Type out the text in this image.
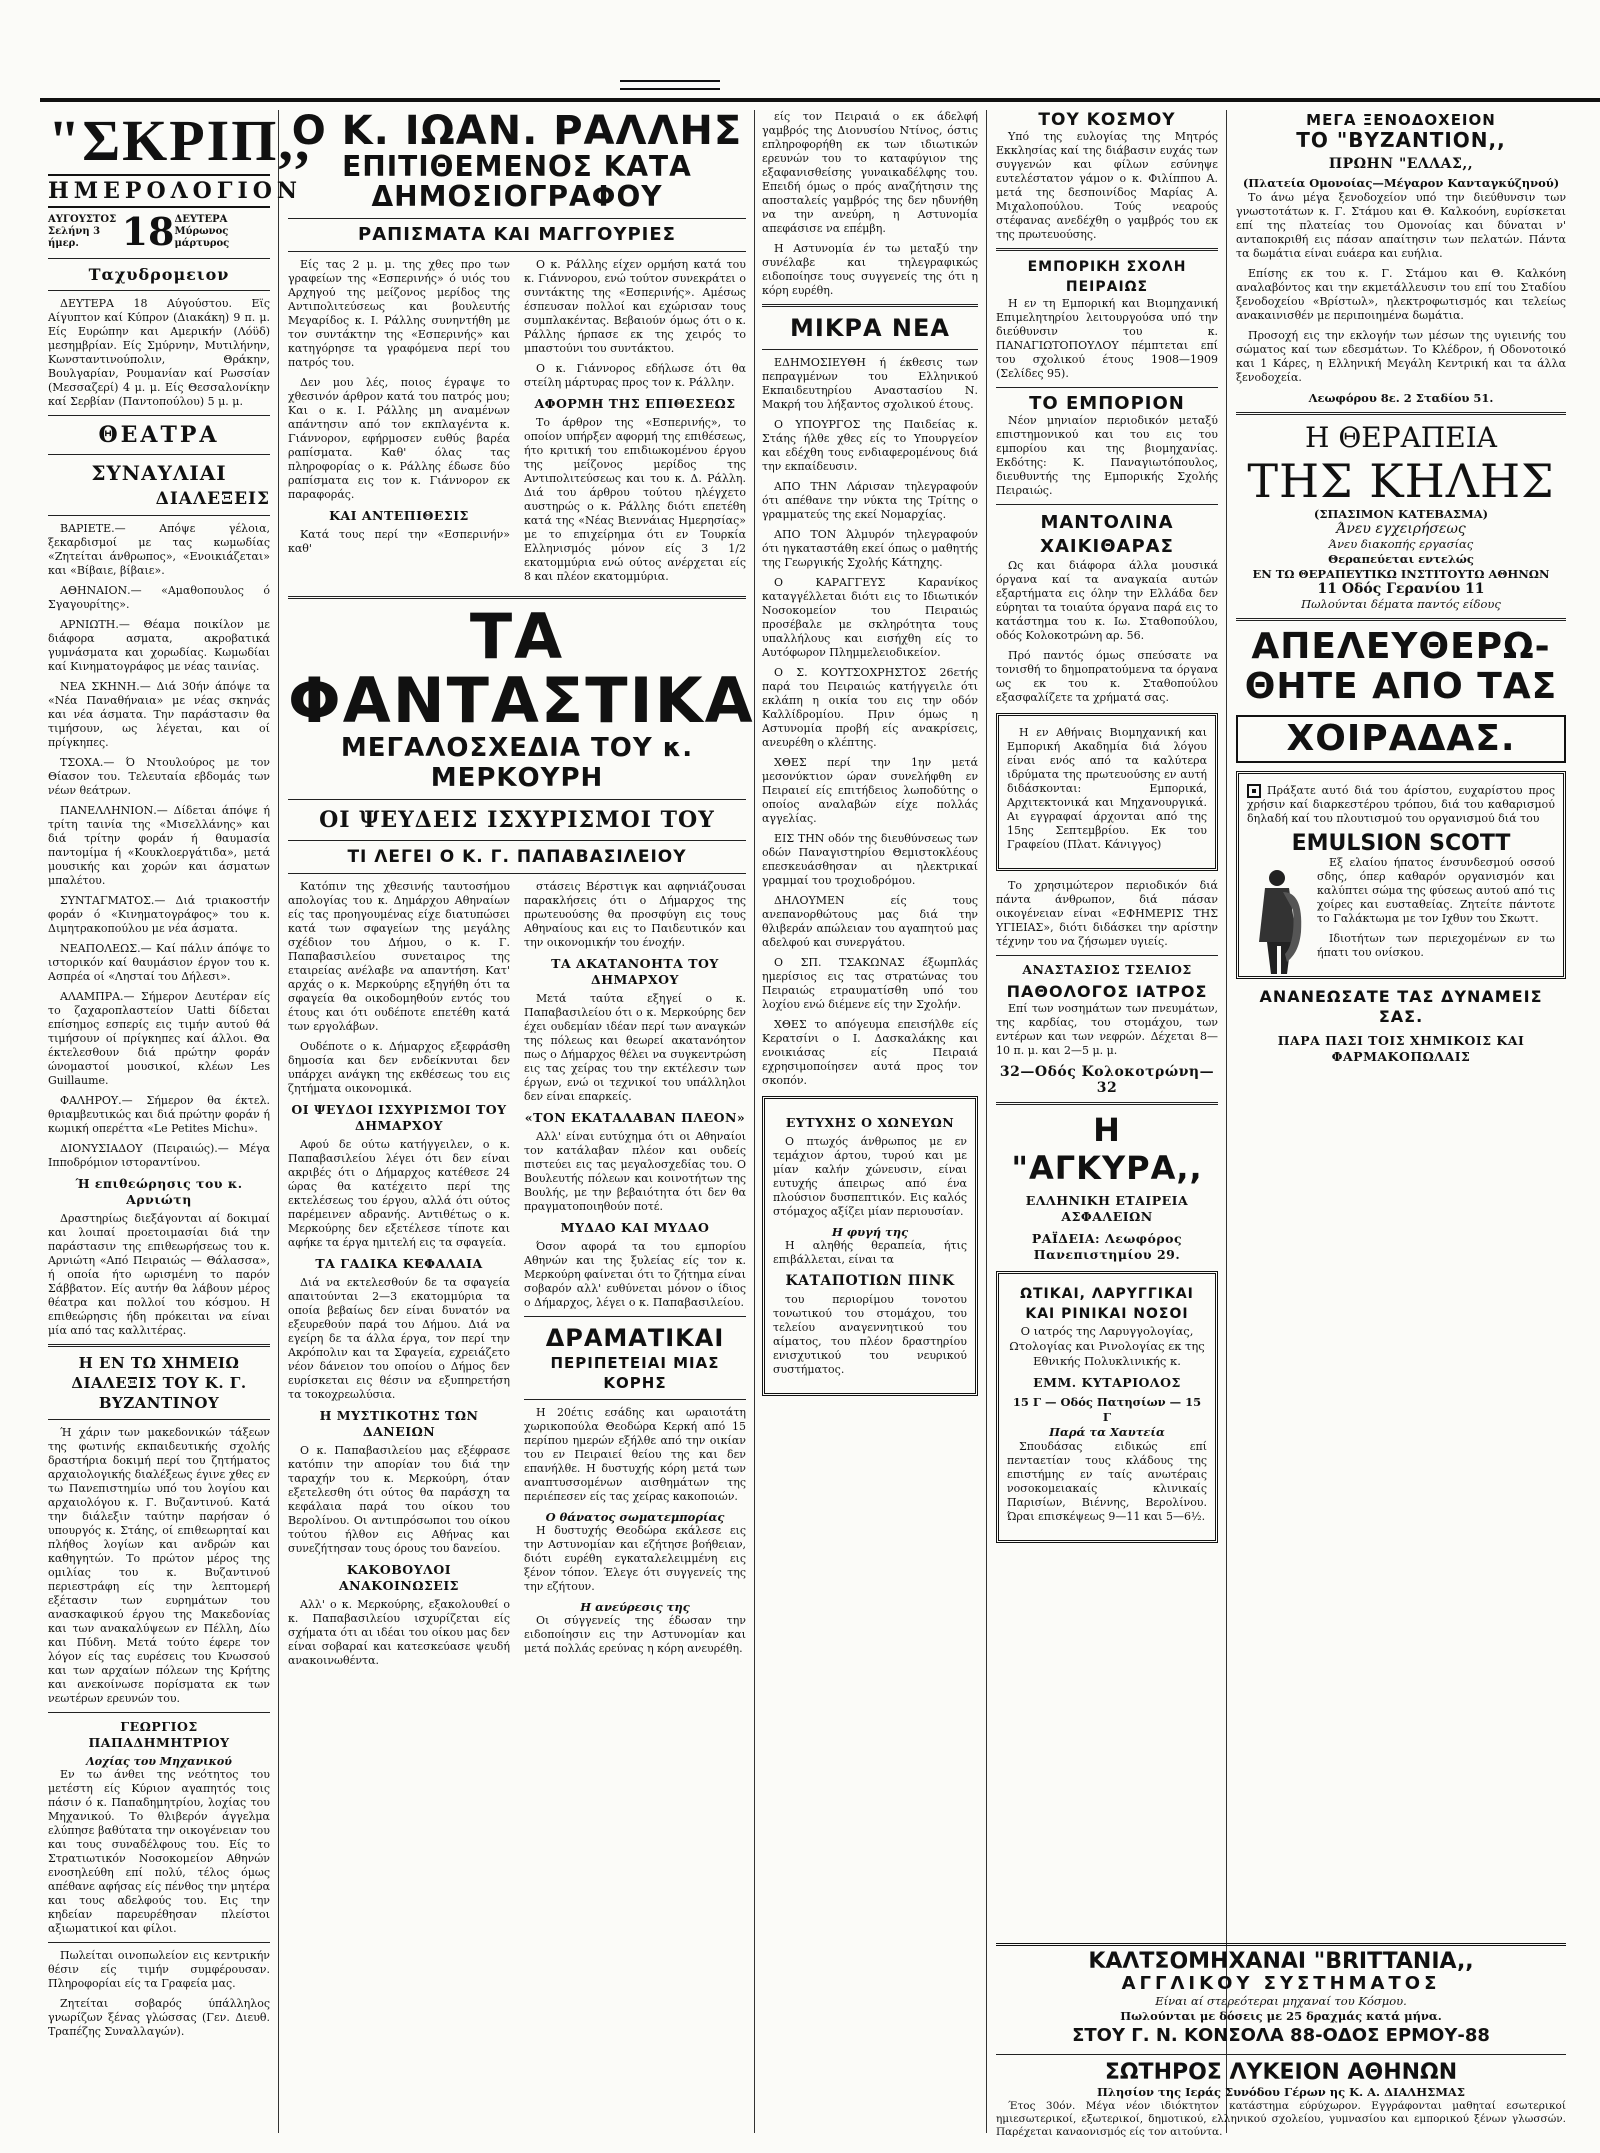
"ΣΚΡΙΠ,,
ΗΜΕΡΟΛΟΓΙΟΝ
ΑΥΓΟΥΣΤΟΣ
Σελήνη 3 ήμερ.	18 ΔΕΥΤΕΡΑ
Μύρωνος μάρτυρος
Ταχυδρομειον

ΔΕΥΤΕΡΑ 18 Αύγούστου. Εϊς Αίγυπτον καί Κύπρον (Διακάκη) 9 π. μ. Είς Ευρώπην και Αμερικήν (Λόϋδ) μεσημβρίαν. Είς Σμύρνην, Μυτιλήνην, Κωνσταντινούπολιν, Θράκην, Βουλγαρίαν, Ρουμανίαν καί Ρωσσίαν (Μεσσαζερί) 4 μ. μ. Είς Θεσσαλονίκην καί Σερβίαν (Παντοπούλου) 5 μ. μ.

ΘΕΑΤΡΑ
ΣΥΝΑΥΛΙΑΙ
ΔΙΑΛΕΞΕΙΣ

ΒΑΡΙΕΤΕ.— Απόψε γέλοια, ξεκαρδισμοί με τας κωμωδίας «Ζητείται άνθρωπος», «Ενοικιάζεται» και «Βίβαιε, βίβαιε».

ΑΘΗΝΑΙΟΝ.— «Αμαθοπουλος ό Σγαγουρίτης».

ΑΡΝΙΩΤΗ.— Θέαμα ποικίλον με διάφορα ασματα, ακροβατικά γυμνάσματα και χορωδίας. Κωμωδίαι καί Κινηματογράφος με νέας ταινίας.

ΝΕΑ ΣΚΗΝΗ.— Διά 30ήν άπόψε τα «Νέα Παναθήναια» με νέας σκηνάς και νέα άσματα. Την παράστασιν θα τιμήσουν, ως λέγεται, και οί πρίγκηπες.

ΤΣΟΧΑ.— Ό Ντουλούρος με τον Θίασον του. Τελευταία εβδομάς των νέων θεάτρων.

ΠΑΝΕΛΛΗΝΙΟΝ.— Δίδεται άπόψε ή τρίτη ταινία της «Μισελλάνης» και διά τρίτην φοράν ή θαυμασία παντομίμα ή «Κουκλοεργάτιδα», μετά μουσικής και χορών και άσματων μπαλέτου.

ΣΥΝΤΑΓΜΑΤΟΣ.— Διά τριακοστήν φοράν ό «Κινηματογράφος» του κ. Διμητρακοπούλου με νέα άσματα.

ΝΕΑΠΟΛΕΩΣ.— Καί πάλιν άπόψε το ιστορικόν καί θαυμάσιον έργον του κ. Ασπρέα οί «Λησταί του Δήλεσι».

ΑΛΑΜΠΡΑ.— Σήμερον Δευτέραν είς το ζαχαροπλαστείον Uatti δίδεται επίσημος εσπερίς εις τιμήν αυτού θά τιμήσουν οί πρίγκηπες καί άλλοι. Θα έκτελεσθουν διά πρώτην φοράν ώνομαστοί μουσικοί, κλέων Les Guillaume.

ΦΑΛΗΡΟΥ.— Σήμερον θα έκτελ. θριαμβευτικώς και διά πρώτην φοράν ή κωμική οπερέττα «Le Petites Michu».

ΔΙΟΝΥΣΙΑΔΟΥ (Πειραιώς).— Μέγα Ιπποδρόμιον ιστοραντίνου.

Ή επιθεώρησις του κ. Αρνιώτη

Δραστηρίως διεξάγονται αί δοκιμαί και λοιπαί προετοιμασίαι διά την παράστασιν της επιθεωρήσεως του κ. Αρνιώτη «Από Πειραιώς — Θάλασσα», ή οποία ήτο ωρισμένη το παρόν Σάββατον. Είς αυτήν θα λάβουν μέρος θέατρα και πολλοί του κόσμου. Η επιθεώρησις ήδη πρόκειται να είναι μία από τας καλλιτέρας.

Η ΕΝ ΤΩ ΧΗΜΕΙΩ ΔΙΑΛΕΞΙΣ ΤΟΥ Κ. Γ. ΒΥΖΑΝΤΙΝΟΥ

Ή χάριν των μακεδονικών τάξεων της φωτινής εκπαιδευτικής σχολής δραστήρια δοκιμή περί του ζητήματος αρχαιολογικής διαλέξεως έγινε χθες εν τω Πανεπιστημίω υπό του λογίου και αρχαιολόγου κ. Γ. Βυζαντινού. Κατά την διάλεξιν ταύτην παρήσαν ό υπουργός κ. Στάης, οί επιθεωρηταί και πλήθος λογίων και ανδρών και καθηγητών. Το πρώτον μέρος της ομιλίας του κ. Βυζαντινού περιεστράφη είς την λεπτομερή εξέτασιν των ευρημάτων του ανασκαφικού έργου της Μακεδονίας και των ανακαλύψεων εν Πέλλη, Δίω και Πύδνη. Μετά τούτο έφερε τον λόγον είς τας ευρέσεις του Κνωσσού και των αρχαίων πόλεων της Κρήτης και ανεκοίνωσε πορίσματα εκ των νεωτέρων ερευνών του.

ΓΕΩΡΓΙΟΣ ΠΑΠΑΔΗΜΗΤΡΙΟΥ
Λοχίας του Μηχανικού

Εν τω άνθει της νεότητος του μετέστη είς Κύριον αγαπητός τοις πάσιν ό κ. Παπαδημητρίου, λοχίας του Μηχανικού. Το θλιβερόν άγγελμα ελύπησε βαθύτατα την οικογένειαν του και τους συναδέλφους του. Είς το Στρατιωτικόν Νοσοκομείον Αθηνών ενοσηλεύθη επί πολύ, τέλος όμως απέθανε αφήσας είς πένθος την μητέρα και τους αδελφούς του. Εις την κηδείαν παρευρέθησαν πλείστοι αξιωματικοί και φίλοι.

Πωλείται οινοπωλείον εις κεντρικήν θέσιν είς τιμήν συμφέρουσαν. Πληροφορίαι είς τα Γραφεία μας.

Ζητείται σοβαρός ύπάλληλος γνωρίζων ξένας γλώσσας (Γεν. Διευθ. Τραπέζης Συναλλαγών).

Ο Κ. ΙΩΑΝ. ΡΑΛΛΗΣ
ΕΠΙΤΙΘΕΜΕΝΟΣ ΚΑΤΑ ΔΗΜΟΣΙΟΓΡΑΦΟΥ
ΡΑΠΙΣΜΑΤΑ ΚΑΙ ΜΑΓΓΟΥΡΙΕΣ

Είς τας 2 μ. μ. της χθες προ των γραφείων της «Εσπερινής» ό υιός του Αρχηγού της μείζονος μερίδος της Αντιπολιτεύσεως και βουλευτής Μεγαρίδος κ. Ι. Ράλλης συνηντήθη με τον συντάκτην της «Εσπερινής» και κατηγόρησε τα γραφόμενα περί του πατρός του.

Δεν μου λές, ποιος έγραψε το χθεσινόν άρθρον κατά του πατρός μου; Και ο κ. Ι. Ράλλης μη αναμένων απάντησιν από τον εκπλαγέντα κ. Γιάννορον, εφήρμοσεν ευθύς βαρέα ραπίσματα. Καθ' όλας τας πληροφορίας ο κ. Ράλλης έδωσε δύο ραπίσματα εις τον κ. Γιάννορον εκ παραφοράς.

ΚΑΙ ΑΝΤΕΠΙΘΕΣΙΣ

Κατά τους περί την «Εσπερινήν» καθ'

Ο κ. Ράλλης είχεν ορμήση κατά του κ. Γιάννορου, ενώ τούτον συνεκράτει ο συντάκτης της «Εσπερινής». Αμέσως έσπευσαν πολλοί και εχώρισαν τους συμπλακέντας. Βεβαιούν όμως ότι ο κ. Ράλλης ήρπασε εκ της χειρός το μπαστούνι του συντάκτου.

Ο κ. Γιάννορος εδήλωσε ότι θα στείλη μάρτυρας προς τον κ. Ράλλην.

ΑΦΟΡΜΗ ΤΗΣ ΕΠΙΘΕΣΕΩΣ

Το άρθρον της «Εσπερινής», το οποίον υπήρξεν αφορμή της επιθέσεως, ήτο κριτική του επιδιωκομένου έργου της μείζονος μερίδος της Αντιπολιτεύσεως και του κ. Δ. Ράλλη. Διά του άρθρου τούτου ηλέγχετο αυστηρώς ο κ. Ράλλης διότι επετέθη κατά της «Νέας Βιεννάιας Ημερησίας» με το επιχείρημα ότι εν Τουρκία Ελληνισμός μόνον είς 3 1/2 εκατομμύρια ενώ ούτος ανέρχεται είς 8 και πλέον εκατομμύρια.

ΤΑ ΦΑΝΤΑΣΤΙΚΑ
ΜΕΓΑΛΟΣΧΕΔΙΑ ΤΟΥ κ. ΜΕΡΚΟΥΡΗ
ΟΙ ΨΕΥΔΕΙΣ ΙΣΧΥΡΙΣΜΟΙ ΤΟΥ
ΤΙ ΛΕΓΕΙ Ο Κ. Γ. ΠΑΠΑΒΑΣΙΛΕΙΟΥ

Κατόπιν της χθεσινής ταυτοσήμου απολογίας του κ. Δημάρχου Αθηναίων είς τας προηγουμένας είχε διατυπώσει κατά των σφαγείων της μεγάλης σχέδιον του Δήμου, ο κ. Γ. Παπαβασιλείου συνεταιρος της εταιρείας ανέλαβε να απαντήση. Κατ' αρχάς ο κ. Μερκούρης εξηγήθη ότι τα σφαγεία θα οικοδομηθούν εντός του έτους και ότι ουδέποτε επετέθη κατά των εργολάβων.

Ουδέποτε ο κ. Δήμαρχος εξεφράσθη δημοσία και δεν ενδείκνυται δεν υπάρχει ανάγκη της εκθέσεως του εις ζητήματα οικονομικά.

ΟΙ ΨΕΥΔΟΙ ΙΣΧΥΡΙΣΜΟΙ ΤΟΥ ΔΗΜΑΡΧΟΥ

Αφού δε ούτω κατήγγειλεν, ο κ. Παπαβασιλείου λέγει ότι δεν είναι ακριβές ότι ο Δήμαρχος κατέθεσε 24 ώρας θα κατέχειτο περί της εκτελέσεως του έργου, αλλά ότι ούτος παρέμεινεν αδρανής. Αντιθέτως ο κ. Μερκούρης δεν εξετέλεσε τίποτε και αφήκε τα έργα ημιτελή εις τα σφαγεία.

ΤΑ ΓΑΔΙΚΑ ΚΕΦΑΛΑΙΑ

Διά να εκτελεσθούν δε τα σφαγεία απαιτούνται 2—3 εκατομμύρια τα οποία βεβαίως δεν είναι δυνατόν να εξευρεθούν παρά του Δήμου. Διά να εγείρη δε τα άλλα έργα, τον περί την Ακρόπολιν και τα Σφαγεία, εχρειάζετο νέον δάνειον του οποίου ο Δήμος δεν ευρίσκεται εις θέσιν να εξυπηρετήση τα τοκοχρεωλύσια.

Η ΜΥΣΤΙΚΟΤΗΣ ΤΩΝ ΔΑΝΕΙΩΝ

Ο κ. Παπαβασιλείου μας εξέφρασε κατόπιν την απορίαν του διά την ταραχήν του κ. Μερκούρη, όταν εξετελεσθη ότι ούτος θα παράσχη τα κεφάλαια παρά του οίκου του Βερολίνου. Οι αντιπρόσωποι του οίκου τούτου ήλθον εις Αθήνας και συνεζήτησαν τους όρους του δανείου.

ΚΑΚΟΒΟΥΛΟΙ ΑΝΑΚΟΙΝΩΣΕΙΣ

Αλλ' ο κ. Μερκούρης, εξακολουθεί ο κ. Παπαβασιλείου ισχυρίζεται είς σχήματα ότι αι ιδέαι του οίκου μας δεν είναι σοβαραί και κατεσκεύασε ψευδή ανακοινωθέντα.

στάσεις Βέρστιγκ και αφηνιάζουσαι παρακλήσεις ότι ο Δήμαρχος της πρωτευούσης θα προσφύγη εις τους Αθηναίους και εις το Παιδευτικόν και την οικονομικήν του ένοχήν.

ΤΑ ΑΚΑΤΑΝΟΗΤΑ ΤΟΥ ΔΗΜΑΡΧΟΥ

Μετά ταύτα εξηγεί ο κ. Παπαβασιλείου ότι ο κ. Μερκούρης δεν έχει ουδεμίαν ιδέαν περί των αναγκών της πόλεως και θεωρεί ακατανόητον πως ο Δήμαρχος θέλει να συγκεντρώση εις τας χείρας του την εκτέλεσιν των έργων, ενώ οι τεχνικοί του υπάλληλοι δεν είναι επαρκείς.

«ΤΟΝ ΕΚΑΤΑΛΑΒΑΝ ΠΛΕΟΝ»

Αλλ' είναι ευτύχημα ότι οι Αθηναίοι τον κατάλαβαν πλέον και ουδείς πιστεύει εις τας μεγαλοσχεδίας του. Ο Βουλευτής πόλεων και κοινοτήτων της Βουλής, με την βεβαιότητα ότι δεν θα πραγματοποιηθούν ποτέ.

ΜΥΔΑΟ ΚΑΙ ΜΥΔΑΟ

Όσον αφορά τα του εμπορίου Αθηνών και της ξυλείας είς τον κ. Μερκούρη φαίνεται ότι το ζήτημα είναι σοβαρόν αλλ' ευθύνεται μόνον ο ίδιος ο Δήμαρχος, λέγει ο κ. Παπαβασιλείου.

ΔΡΑΜΑΤΙΚΑΙ
ΠΕΡΙΠΕΤΕΙΑΙ ΜΙΑΣ ΚΟΡΗΣ

Η 20έτις εσάδης και ωραιοτάτη χωρικοπούλα Θεοδώρα Κερκή από 15 περίπου ημερών εξήλθε από την οικίαν του εν Πειραιεί θείου της και δεν επανήλθε. Η δυστυχής κόρη μετά των αναπτυσσομένων αισθημάτων της περιέπεσεν είς τας χείρας κακοποιών.

Ο θάνατος σωματεμπορίας

Η δυστυχής Θεοδώρα εκάλεσε εις την Αστυνομίαν και εζήτησε βοήθειαν, διότι ευρέθη εγκαταλελειμμένη εις ξένον τόπον. Έλεγε ότι συγγενείς της την εζήτουν.

Η ανεύρεσις της

Οι σύγγενείς της έδωσαν την ειδοποίησιν εις την Αστυνομίαν και μετά πολλάς ερεύνας η κόρη ανευρέθη.

είς τον Πειραιά ο εκ άδελφή γαμβρός της Διονυσίου Ντίνος, όστις επληροφορήθη εκ των ιδιωτικών ερευνών του το καταφύγιον της εξαφανισθείσης γυναικαδέλφης του. Επειδή όμως ο πρός αναζήτησιν της αποσταλείς γαμβρός της δεν ηδυνήθη να την ανεύρη, η Αστυνομία απεφάσισε να επέμβη.

Η Αστυνομία έν τω μεταξύ την συνέλαβε και τηλεγραφικώς ειδοποίησε τους συγγενείς της ότι η κόρη ευρέθη.

ΜΙΚΡΑ ΝΕΑ

ΕΔΗΜΟΣΙΕΥΘΗ ή έκθεσις των πεπραγμένων του Ελληνικού Εκπαιδευτηρίου Αναστασίου Ν. Μακρή του λήξαντος σχολικού έτους.

Ο ΥΠΟΥΡΓΟΣ της Παιδείας κ. Στάης ήλθε χθες είς το Υπουργείον και εδέχθη τους ενδιαφερομένους διά την εκπαίδευσιν.

ΑΠΟ ΤΗΝ Λάρισαν τηλεγραφούν ότι απέθανε την νύκτα της Τρίτης ο γραμματεύς της εκεί Νομαρχίας.

ΑΠΟ ΤΟΝ Άλμυρόν τηλεγραφούν ότι ηγκαταστάθη εκεί όπως ο μαθητής της Γεωργικής Σχολής Κάτηχης.

Ο ΚΑΡΑΓΓΕΥΣ Καρανίκος καταγγέλλεται διότι εις το Ιδιωτικόν Νοσοκομείον του Πειραιώς προσέβαλε με σκληρότητα τους υπαλλήλους και εισήχθη είς το Αυτόφωρον Πλημμελειοδικείον.

Ο Σ. ΚΟΥΤΣΟΧΡΗΣΤΟΣ 26ετής παρά του Πειραιώς κατήγγειλε ότι εκλάπη η οικία του εις την οδόν Καλλίδρομίου. Πριν όμως η Αστυνομία προβή είς ανακρίσεις, ανευρέθη ο κλέπτης.

ΧΘΕΣ περί την 1ην μετά μεσονύκτιον ώραν συνελήφθη εν Πειραιεί είς επιτήδειος λωποδύτης ο οποίος αναλαβών είχε πολλάς αγγελίας.

ΕΙΣ ΤΗΝ οδόν της διευθύνσεως των οδών Παναγιστηρίου Θεμιστοκλέους επεσκευάσθησαν αι ηλεκτρικαί γραμμαί του τροχιοδρόμου.

ΔΗΛΟΥΜΕΝ είς τους ανεπανορθώτους μας διά την θλιβεράν απώλειαν του αγαπητού μας αδελφού και συνεργάτου.

Ο ΣΠ. ΤΣΑΚΩΝΑΣ έξωμπλάς ημερίσιος εις τας στρατώνας του Πειραιώς ετραυματίσθη υπό του λοχίου ενώ διέμενε είς την Σχολήν.

ΧΘΕΣ το απόγευμα επεισήλθε είς Κερατσίνι ο Ι. Δασκαλάκης και ενοικιάσας είς Πειραιά εχρησιμοποίησεν αυτά προς τον σκοπόν.

ΕΥΤΥΧΗΣ Ο ΧΩΝΕΥΩΝ

Ο πτωχός άνθρωπος με εν τεμάχιον άρτου, τυρού και με μίαν καλήν χώνευσιν, είναι ευτυχής άπειρως από ένα πλούσιον δυσπεπτικόν. Εις καλός στόμαχος αξίζει μίαν περιουσίαν.

Η φυγή της

Η αληθής θεραπεία, ήτις επιβάλλεται, είναι τα

ΚΑΤΑΠΟΤΙΩΝ ΠΙΝΚ

του περιορίμου τονοτου τονωτικού του στομάχου, του τελείου αναγεννητικού του αίματος, του πλέον δραστηρίου ενισχυτικού του νευρικού συστήματος.

ΤΟΥ ΚΟΣΜΟΥ

Υπό της ευλογίας της Μητρός Εκκλησίας καί της διάβασιν ευχάς των συγγενών και φίλων εσύνηψε ευτελέστατον γάμον ο κ. Φιλίππου Α. μετά της δεσποινίδος Μαρίας Α. Μιχαλοπούλου. Τούς νεαρούς στέφανας ανεδέχθη ο γαμβρός του εκ της πρωτευούσης.

ΕΜΠΟΡΙΚΗ ΣΧΟΛΗ ΠΕΙΡΑΙΩΣ

Η εν τη Εμπορική και Βιομηχανική Επιμελητηρίου λειτουργούσα υπό την διεύθυνσιν του κ. ΠΑΝΑΓΙΩΤΟΠΟΥΛΟΥ πέμπτεται επί του σχολικού έτους 1908—1909 (Σελίδες 95).

ΤΟ ΕΜΠΟΡΙΟΝ

Νέον μηνιαίον περιοδικόν μεταξύ επιστημονικού και του εις του εμπορίου και της βιομηχανίας. Εκδότης: Κ. Παναγιωτόπουλος, διευθυντής της Εμπορικής Σχολής Πειραιώς.

ΜΑΝΤΟΛΙΝΑ ΧΑΙΚΙΘΑΡΑΣ

Ως και διάφορα άλλα μουσικά όργανα καί τα αναγκαία αυτών εξαρτήματα εις όλην την Ελλάδα δεν εύρηται τα τοιαύτα όργανα παρά εις το κατάστημα του κ. Ιω. Σταθοπούλου, οδός Κολοκοτρώνη αρ. 56.

Πρό παντός όμως σπεύσατε να τονισθή το δημοπρατούμενα τα όργανα ως εκ του κ. Σταθοπούλου εξασφαλίζετε τα χρήματά σας.

Η εν Αθήναις Βιομηχανική και Εμπορική Ακαδημία διά λόγου είναι ενός από τα καλύτερα ιδρύματα της πρωτευούσης εν αυτή διδάσκονται: Εμπορικά, Αρχιτεκτονικά και Μηχανουργικά. Αι εγγραφαί άρχονται από της 15ης Σεπτεμβρίου. Εκ του Γραφείου (Πλατ. Κάνιγγος)

Το χρησιμώτερον περιοδικόν διά πάντα άνθρωπον, διά πάσαν οικογένειαν είναι «ΕΦΗΜΕΡΙΣ ΤΗΣ ΥΓΙΕΙΑΣ», διότι διδάσκει την αρίστην τέχνην του να ζήσωμεν υγιείς.

ΑΝΑΣΤΑΣΙΟΣ ΤΣΕΛΙΟΣ
ΠΑΘΟΛΟΓΟΣ ΙΑΤΡΟΣ

Επί των νοσημάτων των πνευμάτων, της καρδίας, του στομάχου, των εντέρων και των νεφρών. Δέχεται 8—10 π. μ. και 2—5 μ. μ.

32—Οδός Κολοκοτρώνη—32
Η "ΑΓΚΥΡΑ,,
ΕΛΛΗΝΙΚΗ ΕΤΑΙΡΕΙΑ ΑΣΦΑΛΕΙΩΝ
ΡΑΪΔΕΙΑ: Λεωφόρος Πανεπιστημίου 29.
ΩΤΙΚΑΙ, ΛΑΡΥΓΓΙΚΑΙ ΚΑΙ ΡΙΝΙΚΑΙ ΝΟΣΟΙ

Ο ιατρός της Λαρυγγολογίας, Ωτολογίας και Ρινολογίας εκ της Εθνικής Πολυκλινικής κ.

ΕΜΜ. ΚΥΤΑΡΙΟΛΟΣ
15 Γ — Οδός Πατησίων — 15 Γ
Παρά τα Χαυτεία

Σπουδάσας ειδικώς επί πενταετίαν τους κλάδους της επιστήμης εν ταίς ανωτέραις νοσοκομειακαίς κλινικαίς Παρισίων, Βιέννης, Βερολίνου. Ώραι επισκέψεως 9—11 και 5—6½.

ΜΕΓΑ ΞΕΝΟΔΟΧΕΙΟΝ
ΤΟ "ΒΥΖΑΝΤΙΟΝ,,
ΠΡΩΗΝ "ΕΛΛΑΣ,,
(Πλατεία Ομονοίας—Μέγαρον Κανταγκύζηνού)

Το άνω μέγα ξενοδοχείον υπό την διεύθυνσιν των γνωστοτάτων κ. Γ. Στάμου και Θ. Καλκοόνη, ευρίσκεται επί της πλατείας του Ομονοίας και δύναται ν' ανταποκριθή εις πάσαν απαίτησιν των πελατών. Πάντα τα δωμάτια είναι ευάερα και ευήλια.

Επίσης εκ του κ. Γ. Στάμου και Θ. Καλκόνη αναλαβόντος και την εκμετάλλευσιν του επί του Σταδίου ξενοδοχείου «Βρίστωλ», ηλεκτροφωτισμός και τελείως ανακαινισθέν με περιποιημένα δωμάτια.

Προσοχή εις την εκλογήν των μέσων της υγιεινής του σώματος καί των εδεσμάτων. Το Κλέδρον, ή Οδονοτοικό και 1 Κάρες, η Ελληνική Μεγάλη Κεντρική και τα άλλα ξενοδοχεία.

Λεωφόρου 8ε. 2 Σταδίου 51.
Η ΘΕΡΑΠΕΙΑ
ΤΗΣ ΚΗΛΗΣ
(ΣΠΑΣΙΜΟΝ ΚΑΤΕΒΑΣΜΑ)
Άνευ εγχειρήσεως
Άνευ διακοπής εργασίας
Θεραπεύεται εντελώς
ΕΝ ΤΩ ΘΕΡΑΠΕΥΤΙΚΩ ΙΝΣΤΙΤΟΥΤΩ ΑΘΗΝΩΝ
11 Οδός Γερανίου 11
Πωλούνται δέματα παντός είδους
ΑΠΕΛΕΥΘΕΡΩ-
ΘΗΤΕ ΑΠΟ ΤΑΣ
ΧΟΙΡΑΔΑΣ.

Πράξατε αυτό διά του άρίστου, ευχαρίστου προς χρήσιν καί διαρκεστέρου τρόπου, διά του καθαρισμού δηλαδή καί του πλουτισμού του οργανισμού διά του

EMULSION SCOTT

Εξ ελαίου ήπατος ένσυνδεσμού οσσού σδης, όπερ καθαρόν οργανισμόν και καλύπτει σώμα της φύσεως αυτού από τις χοίρες και ευσταθείας. Ζητείτε πάντοτε το Γαλάκτωμα με τον Ιχθυν του Σκωττ.

Ιδιοτήτων των περιεχομένων εν τω ήπατι του ονίσκου.

ΑΝΑΝΕΩΣΑΤΕ ΤΑΣ ΔΥΝΑΜΕΙΣ ΣΑΣ.
ΠΑΡΑ ΠΑΣΙ ΤΟΙΣ ΧΗΜΙΚΟΙΣ ΚΑΙ ΦΑΡΜΑΚΟΠΩΛΑΙΣ
ΚΑΛΤΣΟΜΗΧΑΝΑΙ "BRITTANIA,,
ΑΓΓΛΙΚΟΥ ΣΥΣΤΗΜΑΤΟΣ
Είναι αί στερεότεραι μηχαναί του Κόσμου.
Πωλούνται με δόσεις με 25 δραχμάς κατά μήνα.
ΣΤΟΥ Γ. Ν. ΚΟΝΣΟΛΑ 88-ΟΔΟΣ ΕΡΜΟΥ-88
ΣΩΤΗΡΟΣ ΛΥΚΕΙΟΝ ΑΘΗΝΩΝ
Πλησίον της Ιεράς Συνόδου Γέρων ης Κ. Α. ΔΙΑΛΗΣΜΑΣ

Έτος 30όν. Μέγα νέον ιδιόκτητον κατάστημα εύρύχωρον. Εγγράφονται μαθηταί εσωτερικοί ημιεσωτερικοί, εξωτερικοί, δημοτικού, ελληνικού σχολείου, γυμνασίου και εμπορικού ξένων γλωσσών. Παρέχεται καναονισμός είς τον αιτούντα.
